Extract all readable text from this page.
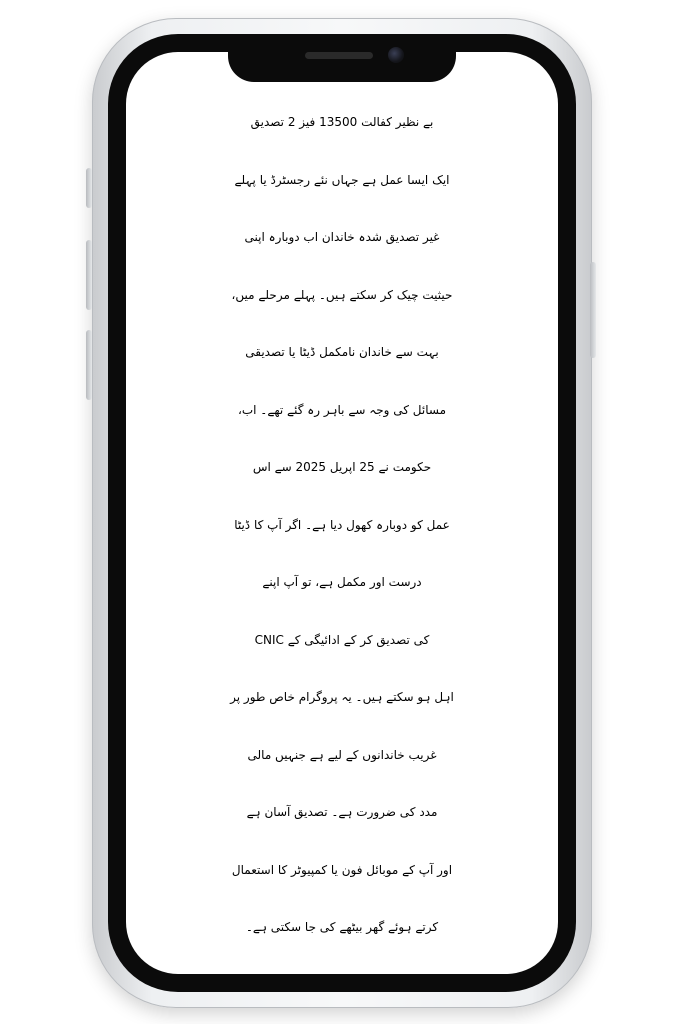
بے نظیر کفالت 13500 فیز 2 تصدیق
ایک ایسا عمل ہے جہاں نئے رجسٹرڈ یا پہلے
غیر تصدیق شدہ خاندان اب دوبارہ اپنی
حیثیت چیک کر سکتے ہیں۔ پہلے مرحلے میں،
بہت سے خاندان نامکمل ڈیٹا یا تصدیقی
مسائل کی وجہ سے باہر رہ گئے تھے۔ اب،
حکومت نے 25 اپریل 2025 سے اس
عمل کو دوبارہ کھول دیا ہے۔ اگر آپ کا ڈیٹا
درست اور مکمل ہے، تو آپ اپنے
CNIC کی تصدیق کر کے ادائیگی کے
اہل ہو سکتے ہیں۔ یہ پروگرام خاص طور پر
غریب خاندانوں کے لیے ہے جنہیں مالی
مدد کی ضرورت ہے۔ تصدیق آسان ہے
اور آپ کے موبائل فون یا کمپیوٹر کا استعمال
کرتے ہوئے گھر بیٹھے کی جا سکتی ہے۔
